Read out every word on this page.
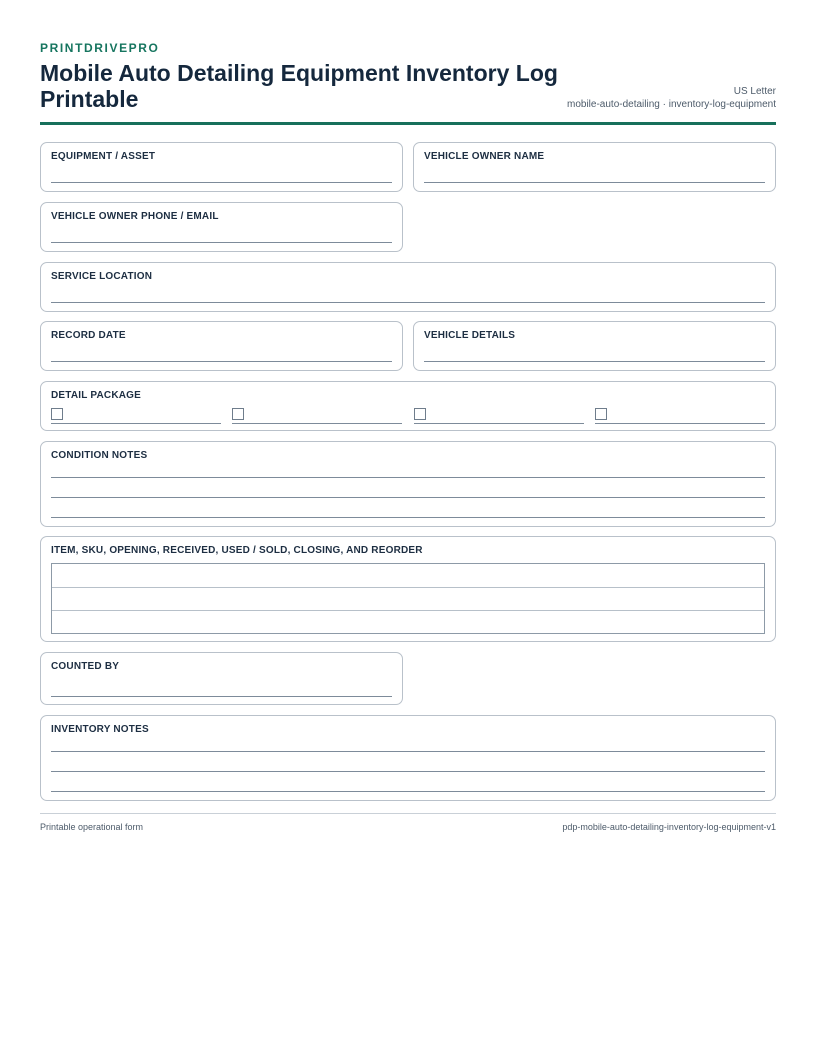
PRINTDRIVEPRO
Mobile Auto Detailing Equipment Inventory Log Printable	US Letter
mobile-auto-detailing · inventory-log-equipment
EQUIPMENT / ASSET	VEHICLE OWNER NAME
VEHICLE OWNER PHONE / EMAIL
SERVICE LOCATION
RECORD DATE	VEHICLE DETAILS
DETAIL PACKAGE
CONDITION NOTES
ITEM, SKU, OPENING, RECEIVED, USED / SOLD, CLOSING, AND REORDER
COUNTED BY
INVENTORY NOTES
Printable operational form	pdp-mobile-auto-detailing-inventory-log-equipment-v1
